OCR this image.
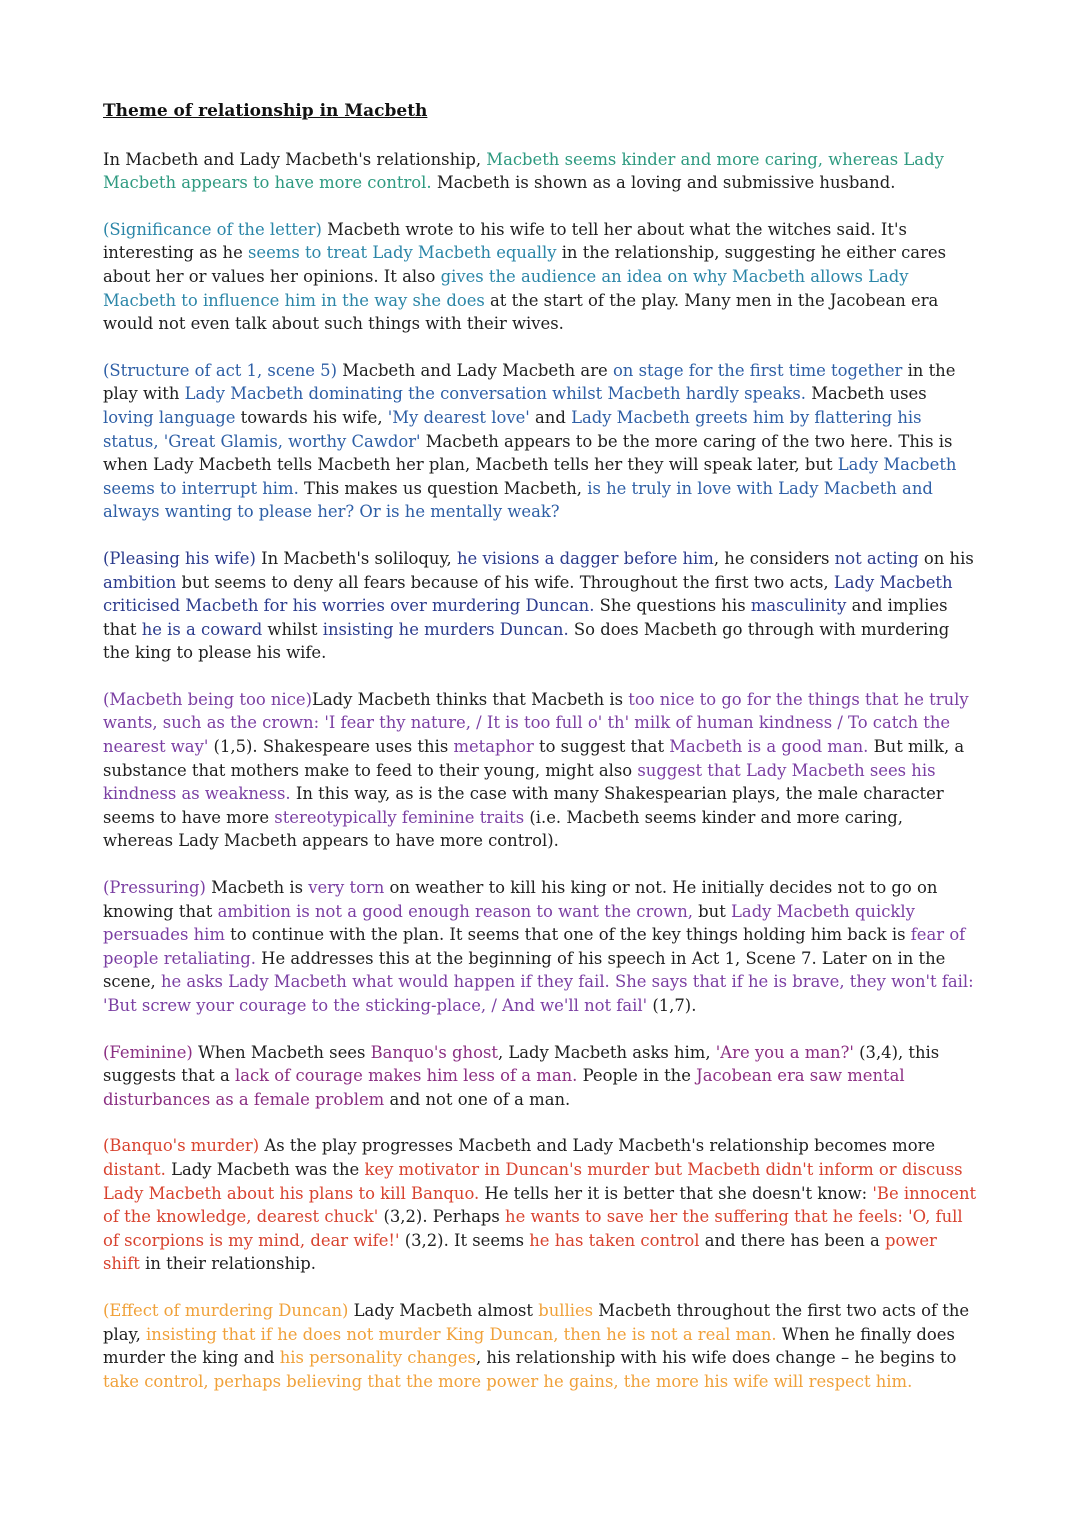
Theme of relationship in Macbeth

In Macbeth and Lady Macbeth's relationship, Macbeth seems kinder and more caring, whereas Lady Macbeth appears to have more control. Macbeth is shown as a loving and submissive husband.

(Significance of the letter) Macbeth wrote to his wife to tell her about what the witches said. It's interesting as he seems to treat Lady Macbeth equally in the relationship, suggesting he either cares about her or values her opinions. It also gives the audience an idea on why Macbeth allows Lady Macbeth to influence him in the way she does at the start of the play. Many men in the Jacobean era would not even talk about such things with their wives.

(Structure of act 1, scene 5) Macbeth and Lady Macbeth are on stage for the first time together in the play with Lady Macbeth dominating the conversation whilst Macbeth hardly speaks. Macbeth uses loving language towards his wife, 'My dearest love' and Lady Macbeth greets him by flattering his status, 'Great Glamis, worthy Cawdor' Macbeth appears to be the more caring of the two here. This is when Lady Macbeth tells Macbeth her plan, Macbeth tells her they will speak later, but Lady Macbeth seems to interrupt him. This makes us question Macbeth, is he truly in love with Lady Macbeth and always wanting to please her? Or is he mentally weak?

(Pleasing his wife) In Macbeth's soliloquy, he visions a dagger before him, he considers not acting on his ambition but seems to deny all fears because of his wife. Throughout the first two acts, Lady Macbeth criticised Macbeth for his worries over murdering Duncan. She questions his masculinity and implies that he is a coward whilst insisting he murders Duncan. So does Macbeth go through with murdering the king to please his wife.

(Macbeth being too nice)Lady Macbeth thinks that Macbeth is too nice to go for the things that he truly wants, such as the crown: 'I fear thy nature, / It is too full o' th' milk of human kindness / To catch the nearest way' (1,5). Shakespeare uses this metaphor to suggest that Macbeth is a good man. But milk, a substance that mothers make to feed to their young, might also suggest that Lady Macbeth sees his kindness as weakness. In this way, as is the case with many Shakespearian plays, the male character seems to have more stereotypically feminine traits (i.e. Macbeth seems kinder and more caring, whereas Lady Macbeth appears to have more control).

(Pressuring) Macbeth is very torn on weather to kill his king or not. He initially decides not to go on knowing that ambition is not a good enough reason to want the crown, but Lady Macbeth quickly persuades him to continue with the plan. It seems that one of the key things holding him back is fear of people retaliating. He addresses this at the beginning of his speech in Act 1, Scene 7. Later on in the scene, he asks Lady Macbeth what would happen if they fail. She says that if he is brave, they won't fail: 'But screw your courage to the sticking-place, / And we'll not fail' (1,7).

(Feminine) When Macbeth sees Banquo's ghost, Lady Macbeth asks him, 'Are you a man?' (3,4), this suggests that a lack of courage makes him less of a man. People in the Jacobean era saw mental disturbances as a female problem and not one of a man.

(Banquo's murder) As the play progresses Macbeth and Lady Macbeth's relationship becomes more distant. Lady Macbeth was the key motivator in Duncan's murder but Macbeth didn't inform or discuss Lady Macbeth about his plans to kill Banquo. He tells her it is better that she doesn't know: 'Be innocent of the knowledge, dearest chuck' (3,2). Perhaps he wants to save her the suffering that he feels: 'O, full of scorpions is my mind, dear wife!' (3,2). It seems he has taken control and there has been a power shift in their relationship.

(Effect of murdering Duncan) Lady Macbeth almost bullies Macbeth throughout the first two acts of the play, insisting that if he does not murder King Duncan, then he is not a real man. When he finally does murder the king and his personality changes, his relationship with his wife does change – he begins to take control, perhaps believing that the more power he gains, the more his wife will respect him.
